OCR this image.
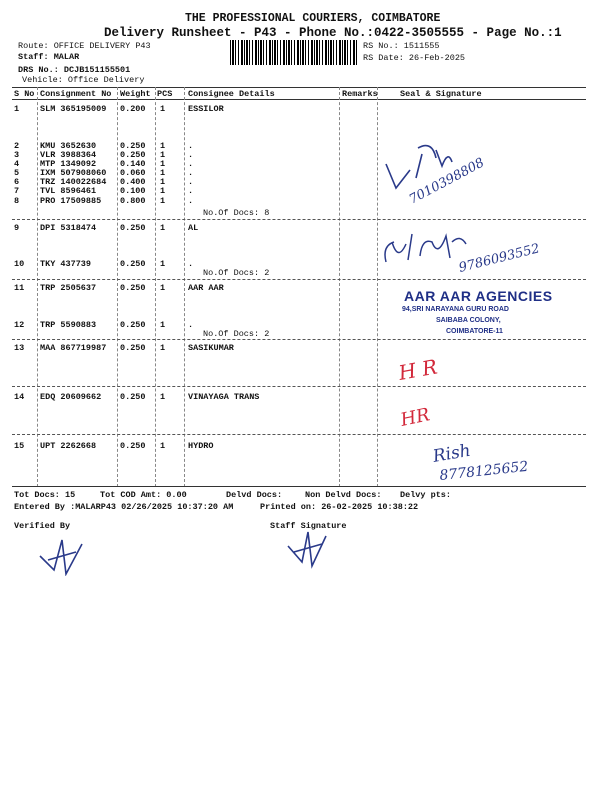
THE PROFESSIONAL COURIERS, COIMBATORE
Delivery Runsheet - P43 - Phone No.:0422-3505555 - Page No.:1
Route: OFFICE DELIVERY P43
Staff: MALAR
DRS No.: DCJB151155501
Vehicle: Office Delivery
RS No.: 1511555
RS Date: 26-Feb-2025
S No Consignment No Weight PCS Consignee Details	Remarks	Seal & Signature
1 SLM 365195009 0.200 1	ESSILOR
2 KMU 3652630	0.250 1	.
3 VLR 3988364	0.250 1	.
4 MTP 1349092	0.140 1	.
5 IXM 507908060 0.060 1	.
6 TRZ 140022684 0.400 1	.
7 TVL 8596461	0.100 1	.
8 PRO 17509885 0.800 1	.
No.Of Docs: 8
9 DPI 5318474	0.250 1	AL
10 TKY 437739	0.250 1	.
No.Of Docs: 2
11 TRP 2505637	0.250 1	AAR AAR
12 TRP 5590883	0.250 1	.
No.Of Docs: 2
13 MAA 867719987 0.250 1	SASIKUMAR
14 EDQ 20609662 0.250 1	VINAYAGA TRANS
15 UPT 2262668	0.250 1	HYDRO
7010398808
9786093552
AAR AAR AGENCIES
94,SRI NARAYANA GURU ROAD
SAIBABA COLONY,
COIMBATORE-11
H R
HR
Rish
8778125652
Tot Docs: 15	Tot COD Amt: 0.00	Delvd Docs:	Non Delvd Docs: Delvy pts:
Entered By :MALARP43 02/26/2025 10:37:20 AM	Printed on: 26-02-2025 10:38:22
Verified By	Staff Signature
